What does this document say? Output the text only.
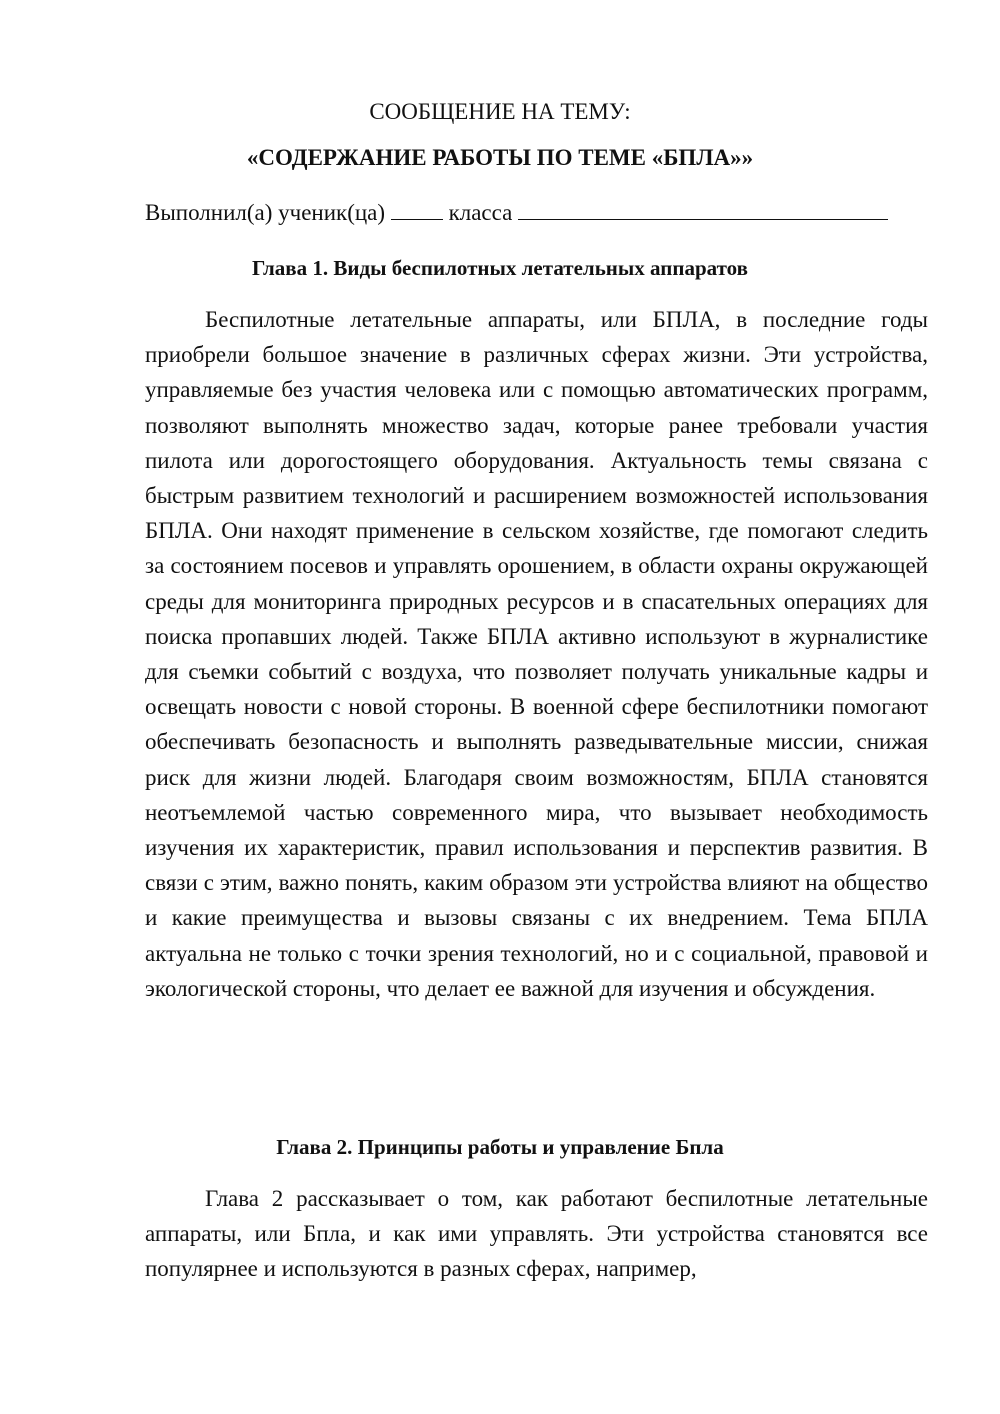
СООБЩЕНИЕ НА ТЕМУ:

«СОДЕРЖАНИЕ РАБОТЫ ПО ТЕМЕ «БПЛА»»

Выполнил(а) ученик(ца)	класса
Глава 1. Виды беспилотных летательных аппаратов

Беспилотные летательные аппараты, или БПЛА, в последние годы приобрели большое значение в различных сферах жизни. Эти устройства, управляемые без участия человека или с помощью автоматических программ, позволяют выполнять множество задач, которые ранее требовали участия пилота или дорогостоящего оборудования. Актуальность темы связана с быстрым развитием технологий и расширением возможностей использования БПЛА. Они находят применение в сельском хозяйстве, где помогают следить за состоянием посевов и управлять орошением, в области охраны окружающей среды для мониторинга природных ресурсов и в спасательных операциях для поиска пропавших людей. Также БПЛА активно используют в журналистике для съемки событий с воздуха, что позволяет получать уникальные кадры и освещать новости с новой стороны. В военной сфере беспилотники помогают обеспечивать безопасность и выполнять разведывательные миссии, снижая риск для жизни людей. Благодаря своим возможностям, БПЛА становятся неотъемлемой частью современного мира, что вызывает необходимость изучения их характеристик, правил использования и перспектив развития. В связи с этим, важно понять, каким образом эти устройства влияют на общество и какие преимущества и вызовы связаны с их внедрением. Тема БПЛА актуальна не только с точки зрения технологий, но и с социальной, правовой и экологической стороны, что делает ее важной для изучения и обсуждения.

Глава 2. Принципы работы и управление Бпла

Глава 2 рассказывает о том, как работают беспилотные летательные аппараты, или Бпла, и как ими управлять. Эти устройства становятся все популярнее и используются в разных сферах, например,
